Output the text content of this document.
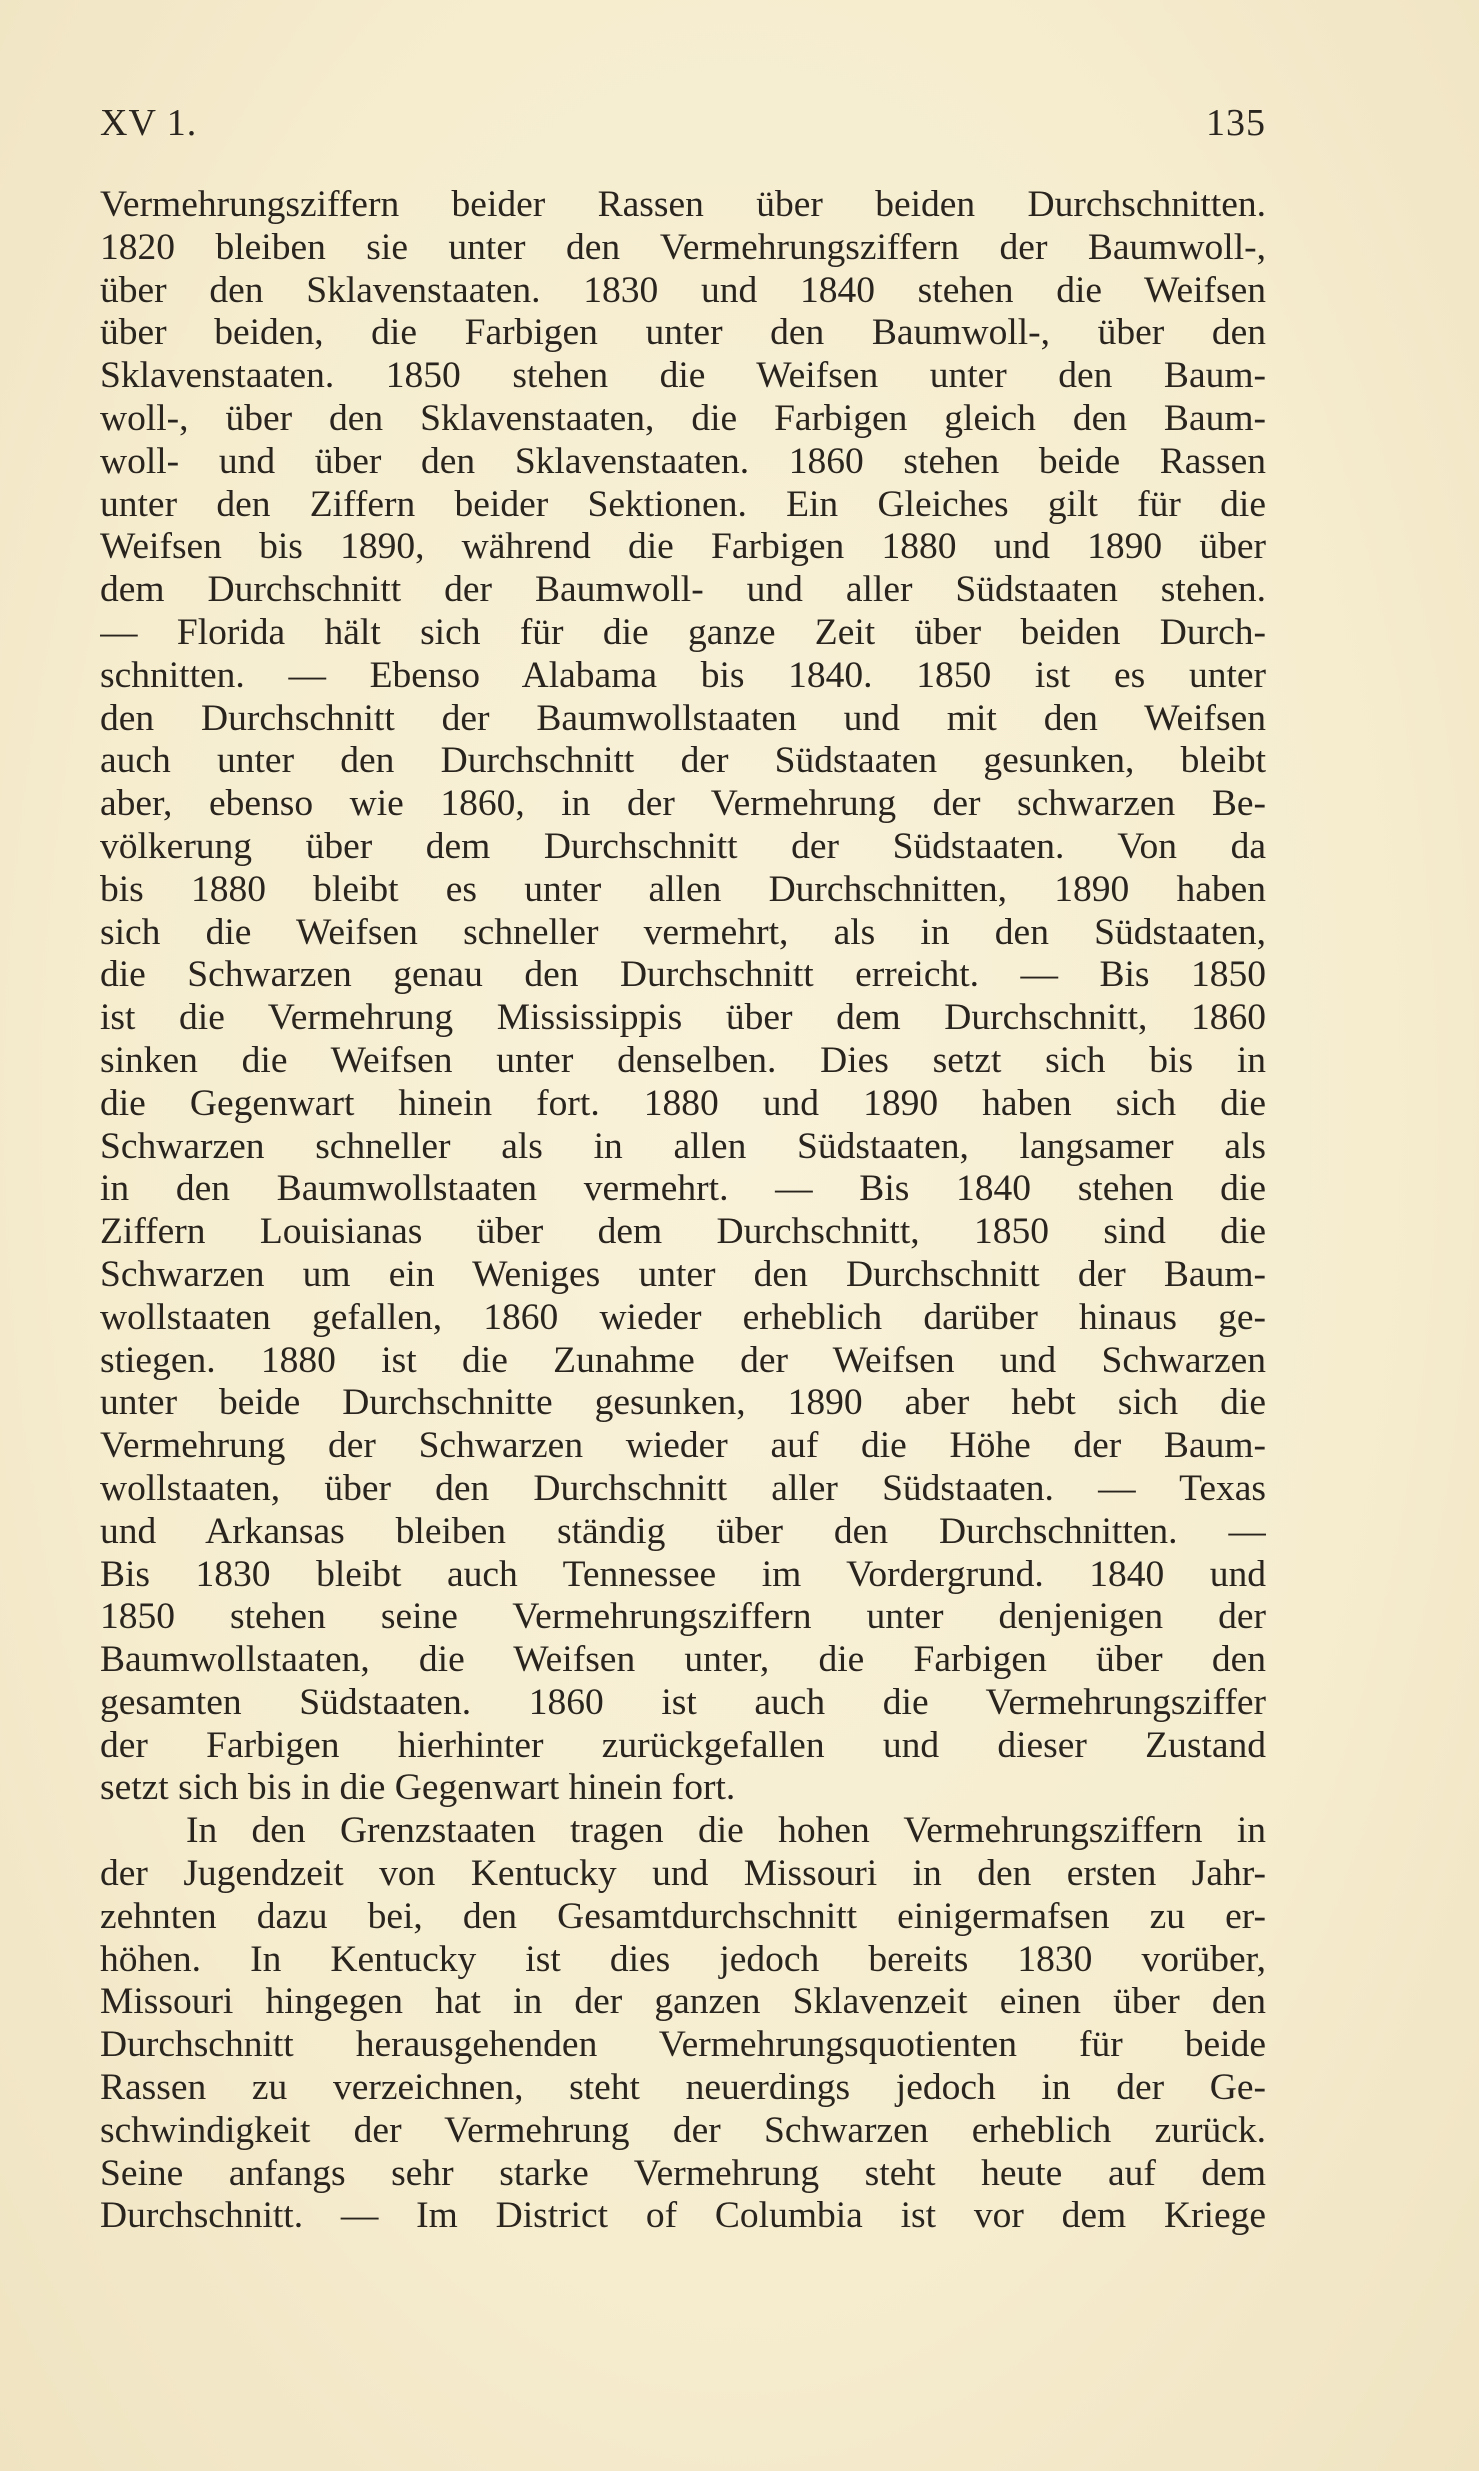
XV 1.	135
Vermehrungsziffern beider Rassen über beiden Durchschnitten.
1820 bleiben sie unter den Vermehrungsziffern der Baumwoll-,
über den Sklavenstaaten. 1830 und 1840 stehen die Weifsen
über beiden, die Farbigen unter den Baumwoll-, über den
Sklavenstaaten. 1850 stehen die Weifsen unter den Baum-
woll-, über den Sklavenstaaten, die Farbigen gleich den Baum-
woll- und über den Sklavenstaaten. 1860 stehen beide Rassen
unter den Ziffern beider Sektionen. Ein Gleiches gilt für die
Weifsen bis 1890, während die Farbigen 1880 und 1890 über
dem Durchschnitt der Baumwoll- und aller Südstaaten stehen.
— Florida hält sich für die ganze Zeit über beiden Durch-
schnitten. — Ebenso Alabama bis 1840. 1850 ist es unter
den Durchschnitt der Baumwollstaaten und mit den Weifsen
auch unter den Durchschnitt der Südstaaten gesunken, bleibt
aber, ebenso wie 1860, in der Vermehrung der schwarzen Be-
völkerung über dem Durchschnitt der Südstaaten. Von da
bis 1880 bleibt es unter allen Durchschnitten, 1890 haben
sich die Weifsen schneller vermehrt, als in den Südstaaten,
die Schwarzen genau den Durchschnitt erreicht. — Bis 1850
ist die Vermehrung Mississippis über dem Durchschnitt, 1860
sinken die Weifsen unter denselben. Dies setzt sich bis in
die Gegenwart hinein fort. 1880 und 1890 haben sich die
Schwarzen schneller als in allen Südstaaten, langsamer als
in den Baumwollstaaten vermehrt. — Bis 1840 stehen die
Ziffern Louisianas über dem Durchschnitt, 1850 sind die
Schwarzen um ein Weniges unter den Durchschnitt der Baum-
wollstaaten gefallen, 1860 wieder erheblich darüber hinaus ge-
stiegen. 1880 ist die Zunahme der Weifsen und Schwarzen
unter beide Durchschnitte gesunken, 1890 aber hebt sich die
Vermehrung der Schwarzen wieder auf die Höhe der Baum-
wollstaaten, über den Durchschnitt aller Südstaaten. — Texas
und Arkansas bleiben ständig über den Durchschnitten. —
Bis 1830 bleibt auch Tennessee im Vordergrund. 1840 und
1850 stehen seine Vermehrungsziffern unter denjenigen der
Baumwollstaaten, die Weifsen unter, die Farbigen über den
gesamten Südstaaten. 1860 ist auch die Vermehrungsziffer
der Farbigen hierhinter zurückgefallen und dieser Zustand
setzt sich bis in die Gegenwart hinein fort.
In den Grenzstaaten tragen die hohen Vermehrungsziffern in
der Jugendzeit von Kentucky und Missouri in den ersten Jahr-
zehnten dazu bei, den Gesamtdurchschnitt einigermafsen zu er-
höhen. In Kentucky ist dies jedoch bereits 1830 vorüber,
Missouri hingegen hat in der ganzen Sklavenzeit einen über den
Durchschnitt herausgehenden Vermehrungsquotienten für beide
Rassen zu verzeichnen, steht neuerdings jedoch in der Ge-
schwindigkeit der Vermehrung der Schwarzen erheblich zurück.
Seine anfangs sehr starke Vermehrung steht heute auf dem
Durchschnitt. — Im District of Columbia ist vor dem Kriege
